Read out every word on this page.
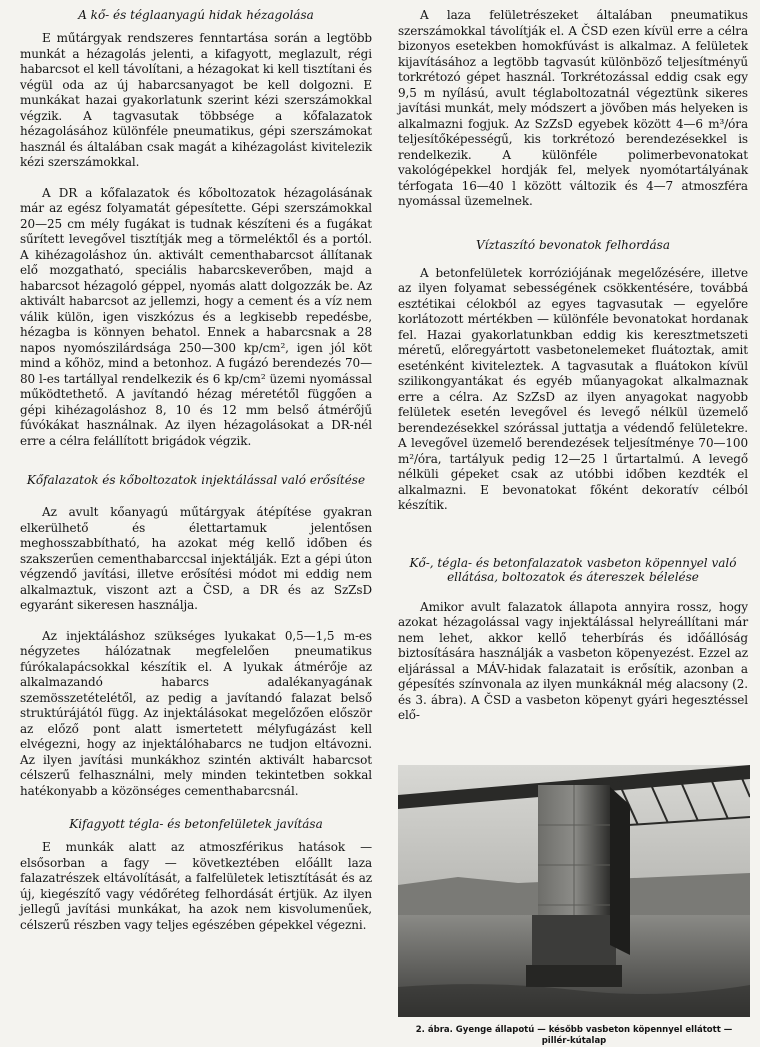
A kő- és téglaanyagú hidak hézagolása

E műtárgyak rendszeres fenntartása során a legtöbb munkát a hézagolás jelenti, a kifagyott, meglazult, régi habarcsot el kell távolítani, a hézagokat ki kell tisztítani és végül oda az új habarcsanyagot be kell dolgozni. E munkákat hazai gyakorlatunk szerint kézi szerszámokkal végzik. A tagvasutak többsége a kőfalazatok hézagolásához különféle pneumatikus, gépi szerszámokat használ és általában csak magát a kihézagolást kivitelezik kézi szerszámokkal.

A DR a kőfalazatok és kőboltozatok hézagolásának már az egész folyamatát gépesítette. Gépi szerszámokkal 20—25 cm mély fugákat is tudnak készíteni és a fugákat sűrített levegővel tisztítják meg a törmeléktől és a portól. A kihézagoláshoz ún. aktivált cementhabarcsot állítanak elő mozgatható, speciális habarcskeverőben, majd a habarcsot hézagoló géppel, nyomás alatt dolgozzák be. Az aktivált habarcsot az jellemzi, hogy a cement és a víz nem válik külön, igen viszkózus és a legkisebb repedésbe, hézagba is könnyen behatol. Ennek a habarcsnak a 28 napos nyomószilárdsága 250—300 kp/cm², igen jól köt mind a kőhöz, mind a betonhoz. A fugázó berendezés 70—80 l-es tartállyal rendelkezik és 6 kp/cm² üzemi nyomással működtethető. A javítandó hézag méretétől függően a gépi kihézagoláshoz 8, 10 és 12 mm belső átmérőjű fúvókákat használnak. Az ilyen hézagolásokat a DR-nél erre a célra felállított brigádok végzik.

Kőfalazatok és kőboltozatok injektálással való erősítése

Az avult kőanyagú műtárgyak átépítése gyakran elkerülhető és élettartamuk jelentősen meghosszabbítható, ha azokat még kellő időben és szakszerűen cementhabarccsal injektálják. Ezt a gépi úton végzendő javítási, illetve erősítési módot mi eddig nem alkalmaztuk, viszont azt a ČSD, a DR és az SzZsD egyaránt sikeresen használja.

Az injektáláshoz szükséges lyukakat 0,5—1,5 m-es négyzetes hálózatnak megfelelően pneumatikus fúrókalapácsokkal készítik el. A lyukak átmérője az alkalmazandó habarcs adalékanyagának szemösszetételétől, az pedig a javítandó falazat belső struktúrájától függ. Az injektálásokat megelőzően először az előző pont alatt ismertetett mélyfugázást kell elvégezni, hogy az injektálóhabarcs ne tudjon eltávozni. Az ilyen javítási munkákhoz szintén aktivált habarcsot célszerű felhasználni, mely minden tekintetben sokkal hatékonyabb a közönséges cementhabarcsnál.

Kifagyott tégla- és betonfelületek javítása

E munkák alatt az atmoszférikus hatások — elsősorban a fagy — következtében előállt laza falazatrészek eltávolítását, a falfelületek letisztítását és az új, kiegészítő vagy védőréteg felhordását értjük. Az ilyen jellegű javítási munkákat, ha azok nem kisvolumenűek, célszerű részben vagy teljes egészében gépekkel végezni.

A laza felületrészeket általában pneumatikus szerszámokkal távolítják el. A ČSD ezen kívül erre a célra bizonyos esetekben homokfúvást is alkalmaz. A felületek kijavításához a legtöbb tagvasút különböző teljesítményű torkrétozó gépet használ. Torkrétozással eddig csak egy 9,5 m nyílású, avult téglaboltozatnál végeztünk sikeres javítási munkát, mely módszert a jövőben más helyeken is alkalmazni fogjuk. Az SzZsD egyebek között 4—6 m³/óra teljesítőképességű, kis torkrétozó berendezésekkel is rendelkezik. A különféle polimerbevonatokat vakológépekkel hordják fel, melyek nyomótartályának térfogata 16—40 l között változik és 4—7 atmoszféra nyomással üzemelnek.

Víztaszító bevonatok felhordása

A betonfelületek korróziójának megelőzésére, illetve az ilyen folyamat sebességének csökkentésére, továbbá esztétikai célokból az egyes tagvasutak — egyelőre korlátozott mértékben — különféle bevonatokat hordanak fel. Hazai gyakorlatunkban eddig kis keresztmetszeti méretű, előregyártott vasbetonelemeket fluátoztak, amit eseténként kiviteleztek. A tagvasutak a fluátokon kívül szilikongyantákat és egyéb műanyagokat alkalmaznak erre a célra. Az SzZsD az ilyen anyagokat nagyobb felületek esetén levegővel és levegő nélkül üzemelő berendezésekkel szórással juttatja a védendő felületekre. A levegővel üzemelő berendezések teljesítménye 70—100 m²/óra, tartályuk pedig 12—25 l űrtartalmú. A levegő nélküli gépeket csak az utóbbi időben kezdték el alkalmazni. E bevonatokat főként dekoratív célból készítik.

Kő-, tégla- és betonfalazatok vasbeton köpennyel való ellátása, boltozatok és átereszek bélelése

Amikor avult falazatok állapota annyira rossz, hogy azokat hézagolással vagy injektálással helyreállítani már nem lehet, akkor kellő teherbírás és időállóság biztosítására használják a vasbeton köpenyezést. Ezzel az eljárással a MÁV-hidak falazatait is erősítik, azonban a gépesítés színvonala az ilyen munkáknál még alacsony (2. és 3. ábra). A ČSD a vasbeton köpenyt gyári hegesztéssel elő-

2. ábra. Gyenge állapotú — később vasbeton köpennyel ellátott — pillér-kútalap
